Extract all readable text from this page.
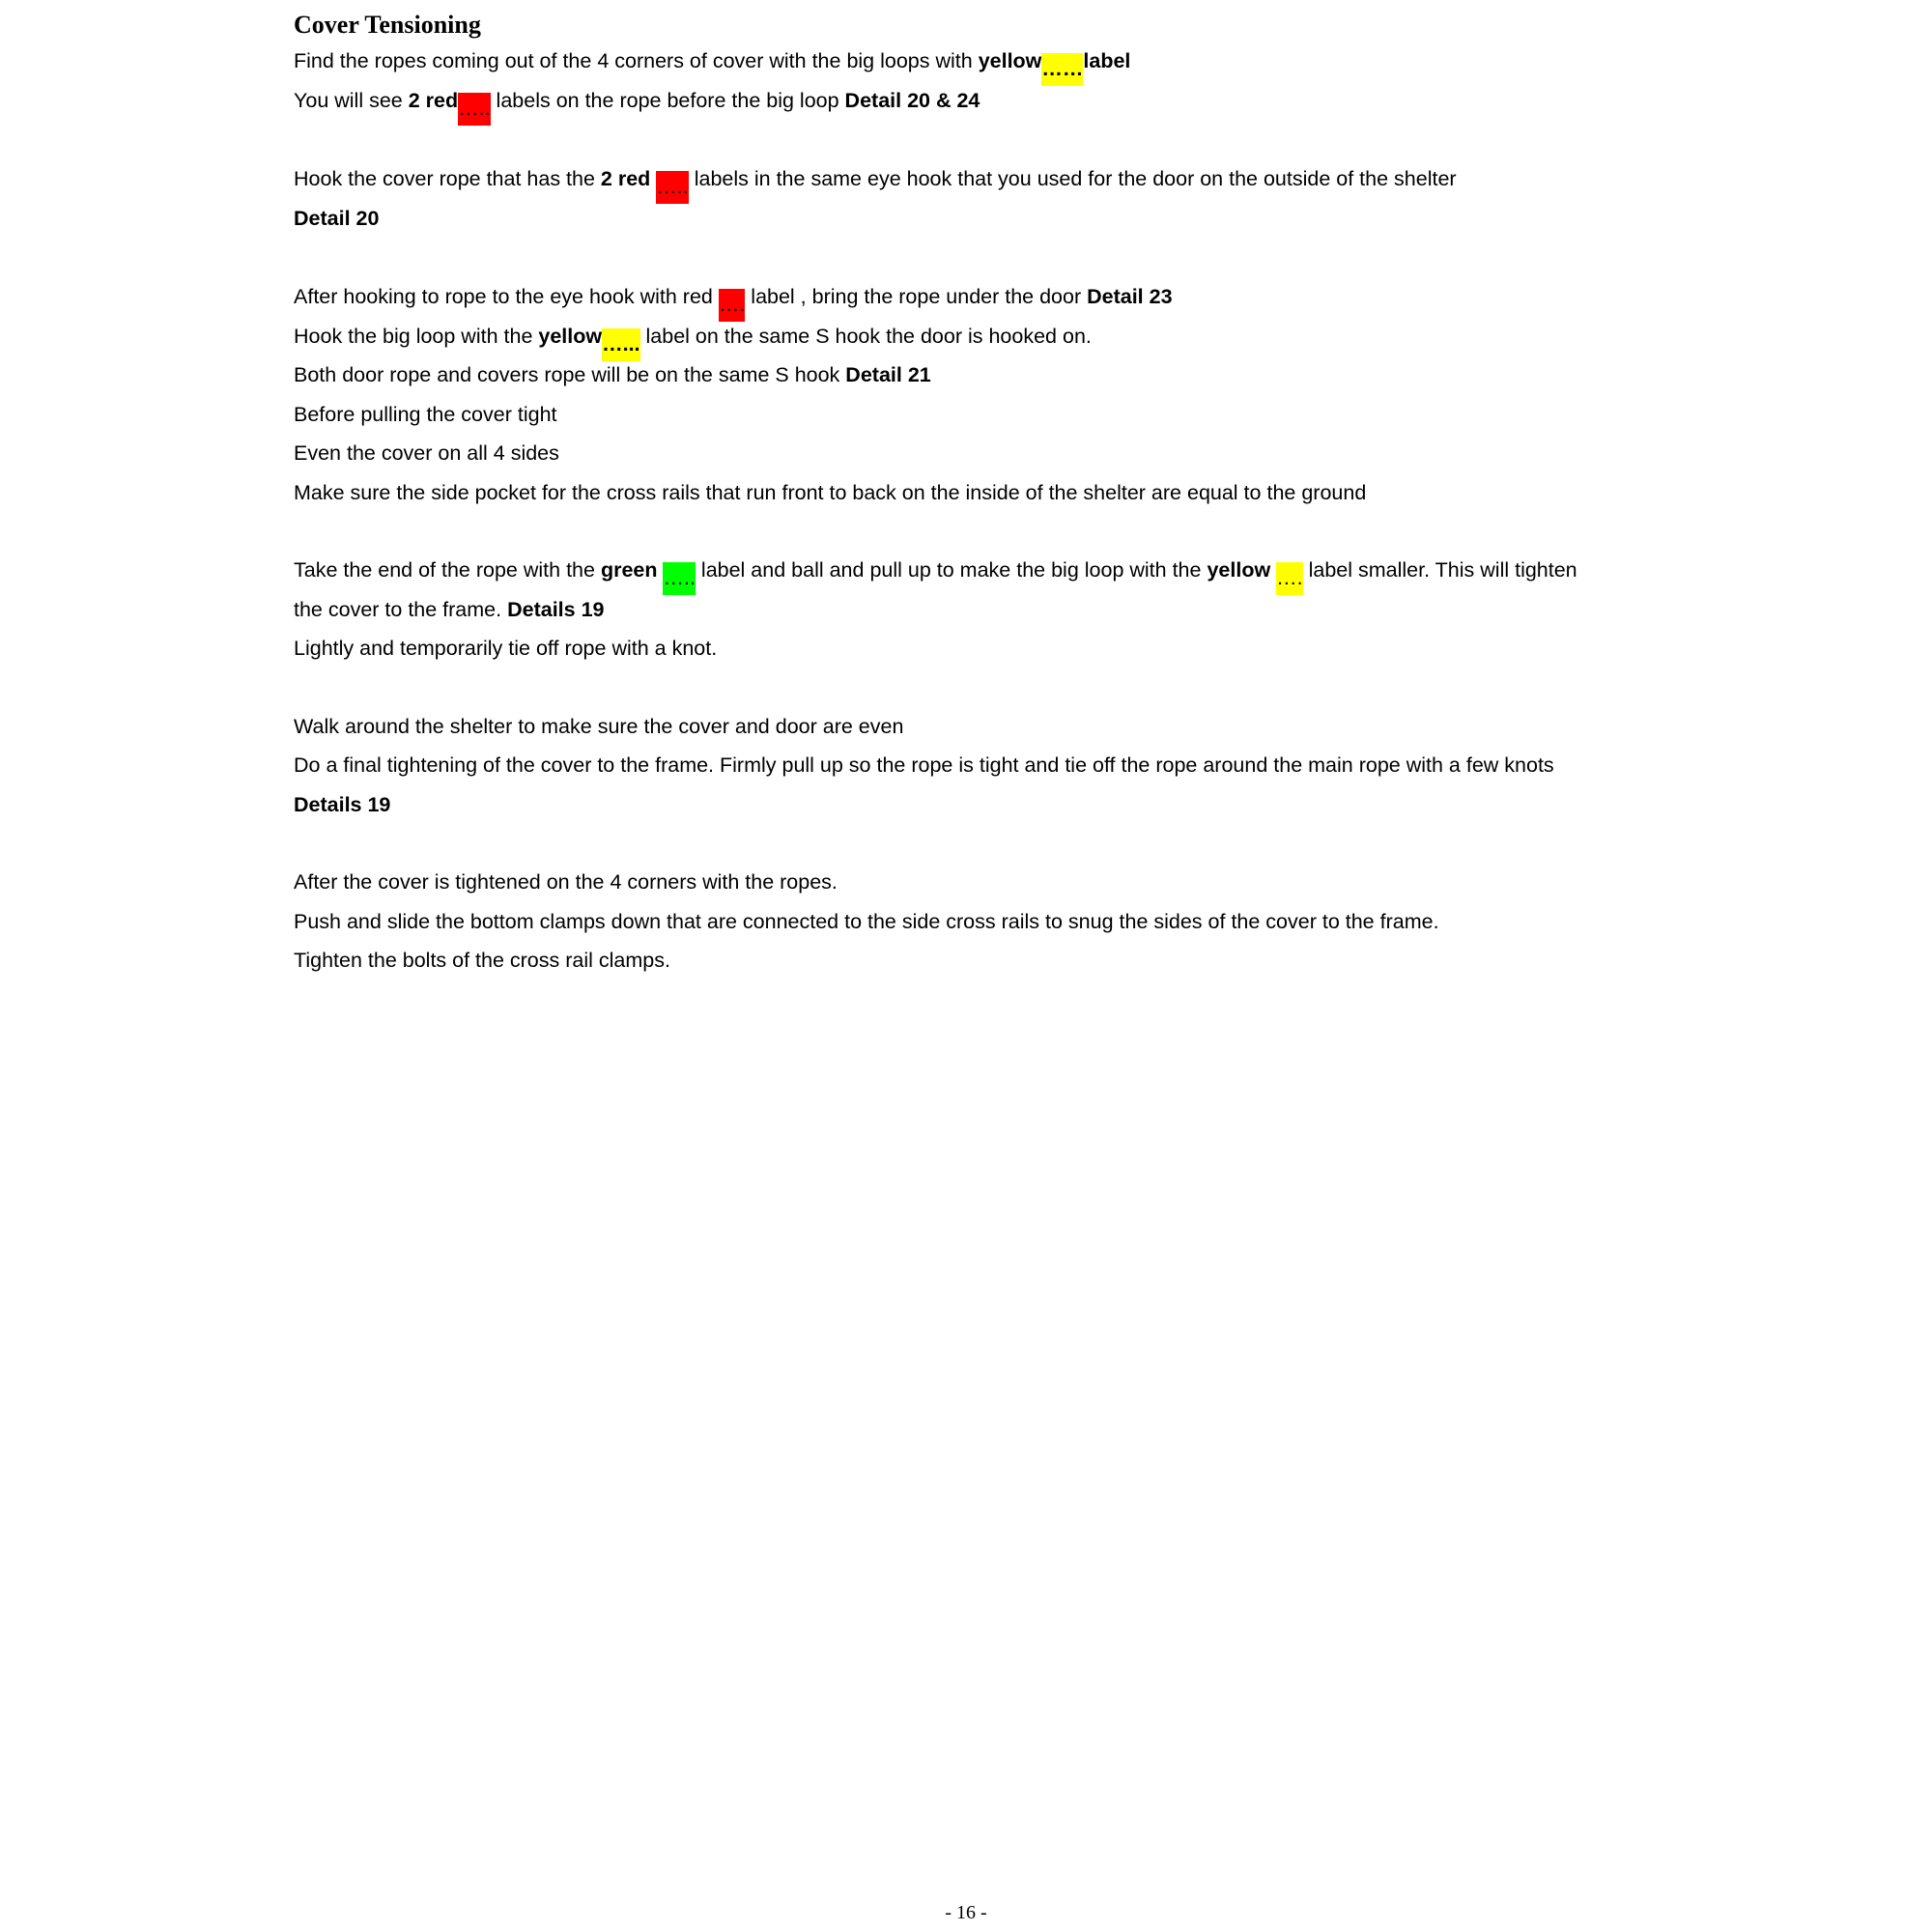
Cover Tensioning
Find the ropes coming out of the 4 corners of cover with the big loops with yellow……label
You will see 2 red….. labels on the rope before the big loop Detail 20 & 24
Hook the cover rope that has the 2 red ….. labels in the same eye hook that you used for the door on the outside of the shelter
Detail 20
After hooking to rope to the eye hook with red …. label , bring the rope under the door Detail 23
Hook the big loop with the yellow…... label on the same S hook the door is hooked on.
Both door rope and covers rope will be on the same S hook Detail 21
Before pulling the cover tight
Even the cover on all 4 sides
Make sure the side pocket for the cross rails that run front to back on the inside of the shelter are equal to the ground
Take the end of the rope with the green ….. label and ball and pull up to make the big loop with the yellow …. label smaller. This will tighten
the cover to the frame. Details 19
Lightly and temporarily tie off rope with a knot.
Walk around the shelter to make sure the cover and door are even
Do a final tightening of the cover to the frame. Firmly pull up so the rope is tight and tie off the rope around the main rope with a few knots
Details 19
After the cover is tightened on the 4 corners with the ropes.
Push and slide the bottom clamps down that are connected to the side cross rails to snug the sides of the cover to the frame.
Tighten the bolts of the cross rail clamps.
- 16 -
